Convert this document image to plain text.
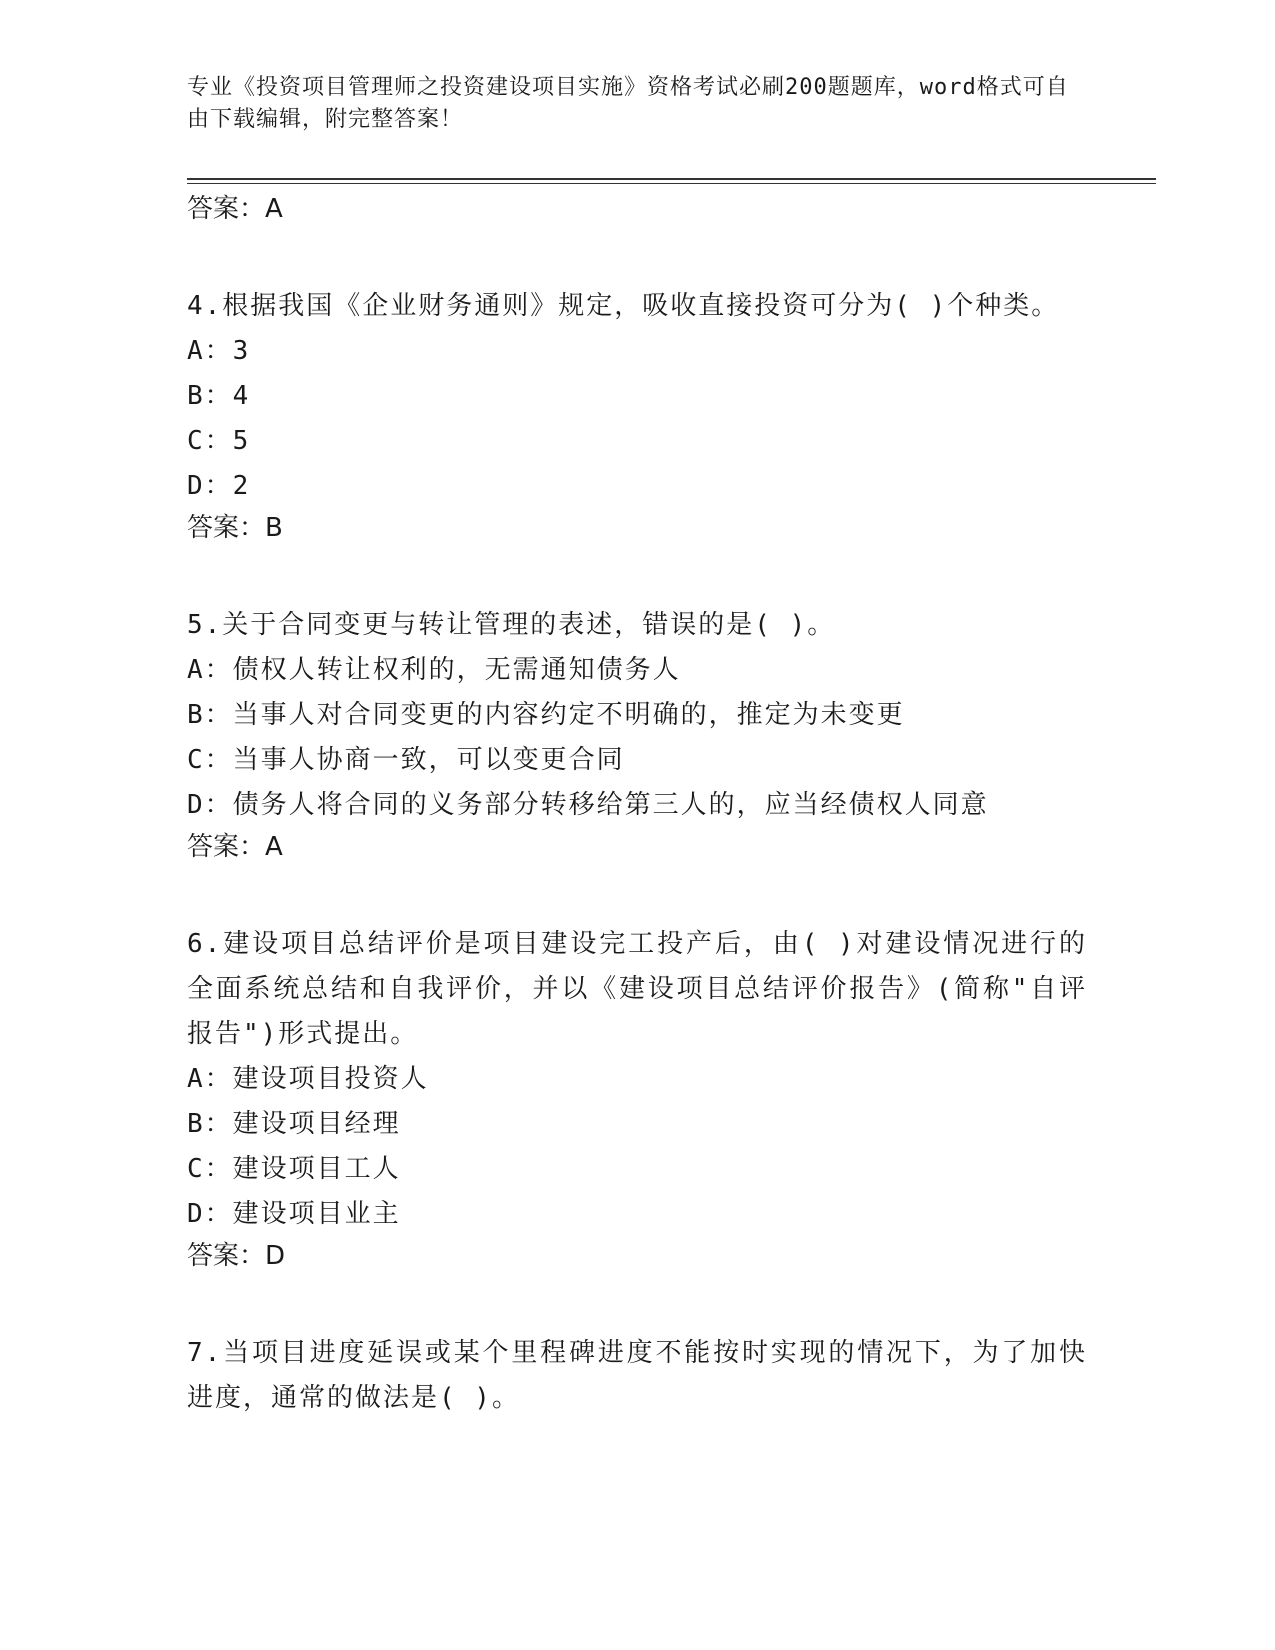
专业《投资项目管理师之投资建设项目实施》资格考试必刷200题题库，word格式可自由下载编辑，附完整答案！

答案：A

4.根据我国《企业财务通则》规定，吸收直接投资可分为( )个种类。

A：3

B：4

C：5

D：2

答案：B

5.关于合同变更与转让管理的表述，错误的是( )。

A：债权人转让权利的，无需通知债务人

B：当事人对合同变更的内容约定不明确的，推定为未变更

C：当事人协商一致，可以变更合同

D：债务人将合同的义务部分转移给第三人的，应当经债权人同意

答案：A

6.建设项目总结评价是项目建设完工投产后，由( )对建设情况进行的全面系统总结和自我评价，并以《建设项目总结评价报告》(简称"自评报告")形式提出。

A：建设项目投资人

B：建设项目经理

C：建设项目工人

D：建设项目业主

答案：D

7.当项目进度延误或某个里程碑进度不能按时实现的情况下，为了加快进度，通常的做法是( )。
